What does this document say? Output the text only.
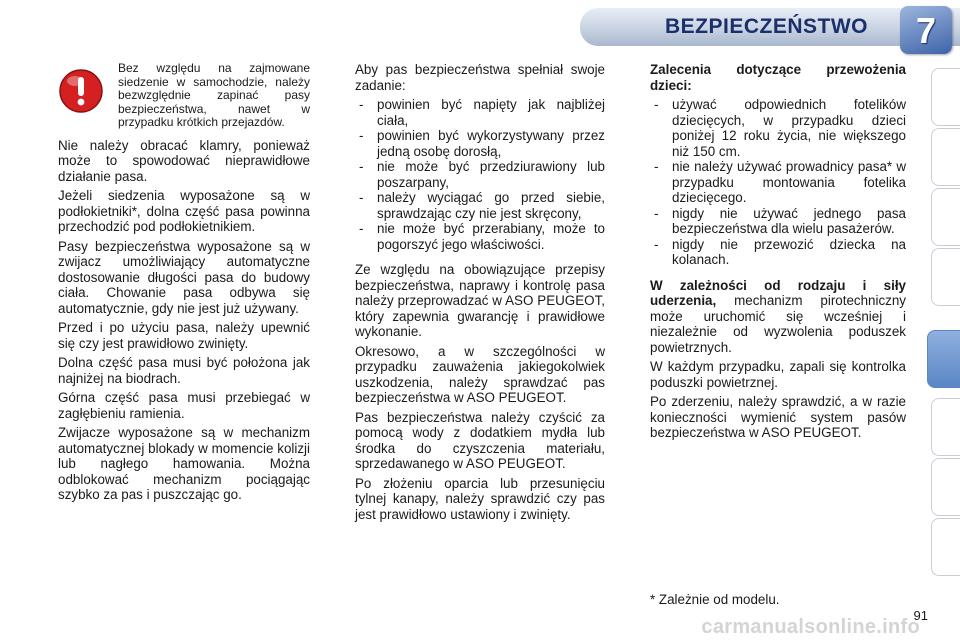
BEZPIECZEŃSTWO	7
Bez względu na zajmowane siedzenie w samochodzie, należy bezwzględnie zapinać pasy bezpieczeństwa, nawet w przypadku krótkich przejazdów.

Nie należy obracać klamry, ponieważ może to spowodować nieprawidłowe działanie pasa.

Jeżeli siedzenia wyposażone są w podłokietniki*, dolna część pasa powinna przechodzić pod podłokietnikiem.

Pasy bezpieczeństwa wyposażone są w zwijacz umożliwiający automatyczne dostosowanie długości pasa do budowy ciała. Chowanie pasa odbywa się automatycznie, gdy nie jest już używany.

Przed i po użyciu pasa, należy upewnić się czy jest prawidłowo zwinięty.

Dolna część pasa musi być położona jak najniżej na biodrach.

Górna część pasa musi przebiegać w zagłębieniu ramienia.

Zwijacze wyposażone są w mechanizm automatycznej blokady w momencie kolizji lub nagłego hamowania. Można odblokować mechanizm pociągając szybko za pas i puszczając go.

Aby pas bezpieczeństwa spełniał swoje zadanie:

- powinien być napięty jak najbliżej ciała,
- powinien być wykorzystywany przez jedną osobę dorosłą,
- nie może być przedziurawiony lub poszarpany,
- należy wyciągać go przed siebie, sprawdzając czy nie jest skręcony,
- nie może być przerabiany, może to pogorszyć jego właściwości.

Ze względu na obowiązujące przepisy bezpieczeństwa, naprawy i kontrolę pasa należy przeprowadzać w ASO PEUGEOT, który zapewnia gwarancję i prawidłowe wykonanie.

Okresowo, a w szczególności w przypadku zauważenia jakiegokolwiek uszkodzenia, należy sprawdzać pas bezpieczeństwa w ASO PEUGEOT.

Pas bezpieczeństwa należy czyścić za pomocą wody z dodatkiem mydła lub środka do czyszczenia materiału, sprzedawanego w ASO PEUGEOT.

Po złożeniu oparcia lub przesunięciu tylnej kanapy, należy sprawdzić czy pas jest prawidłowo ustawiony i zwinięty.

Zalecenia dotyczące przewożenia dzieci:

- używać odpowiednich fotelików dziecięcych, w przypadku dzieci poniżej 12 roku życia, nie większego niż 150 cm.
- nie należy używać prowadnicy pasa* w przypadku montowania fotelika dziecięcego.
- nigdy nie używać jednego pasa bezpieczeństwa dla wielu pasażerów.
- nigdy nie przewozić dziecka na kolanach.

W zależności od rodzaju i siły uderzenia, mechanizm pirotechniczny może uruchomić się wcześniej i niezależnie od wyzwolenia poduszek powietrznych.

W każdym przypadku, zapali się kontrolka poduszki powietrznej.

Po zderzeniu, należy sprawdzić, a w razie konieczności wymienić system pasów bezpieczeństwa w ASO PEUGEOT.

* Zależnie od modelu.
carmanualsonline.info
91
